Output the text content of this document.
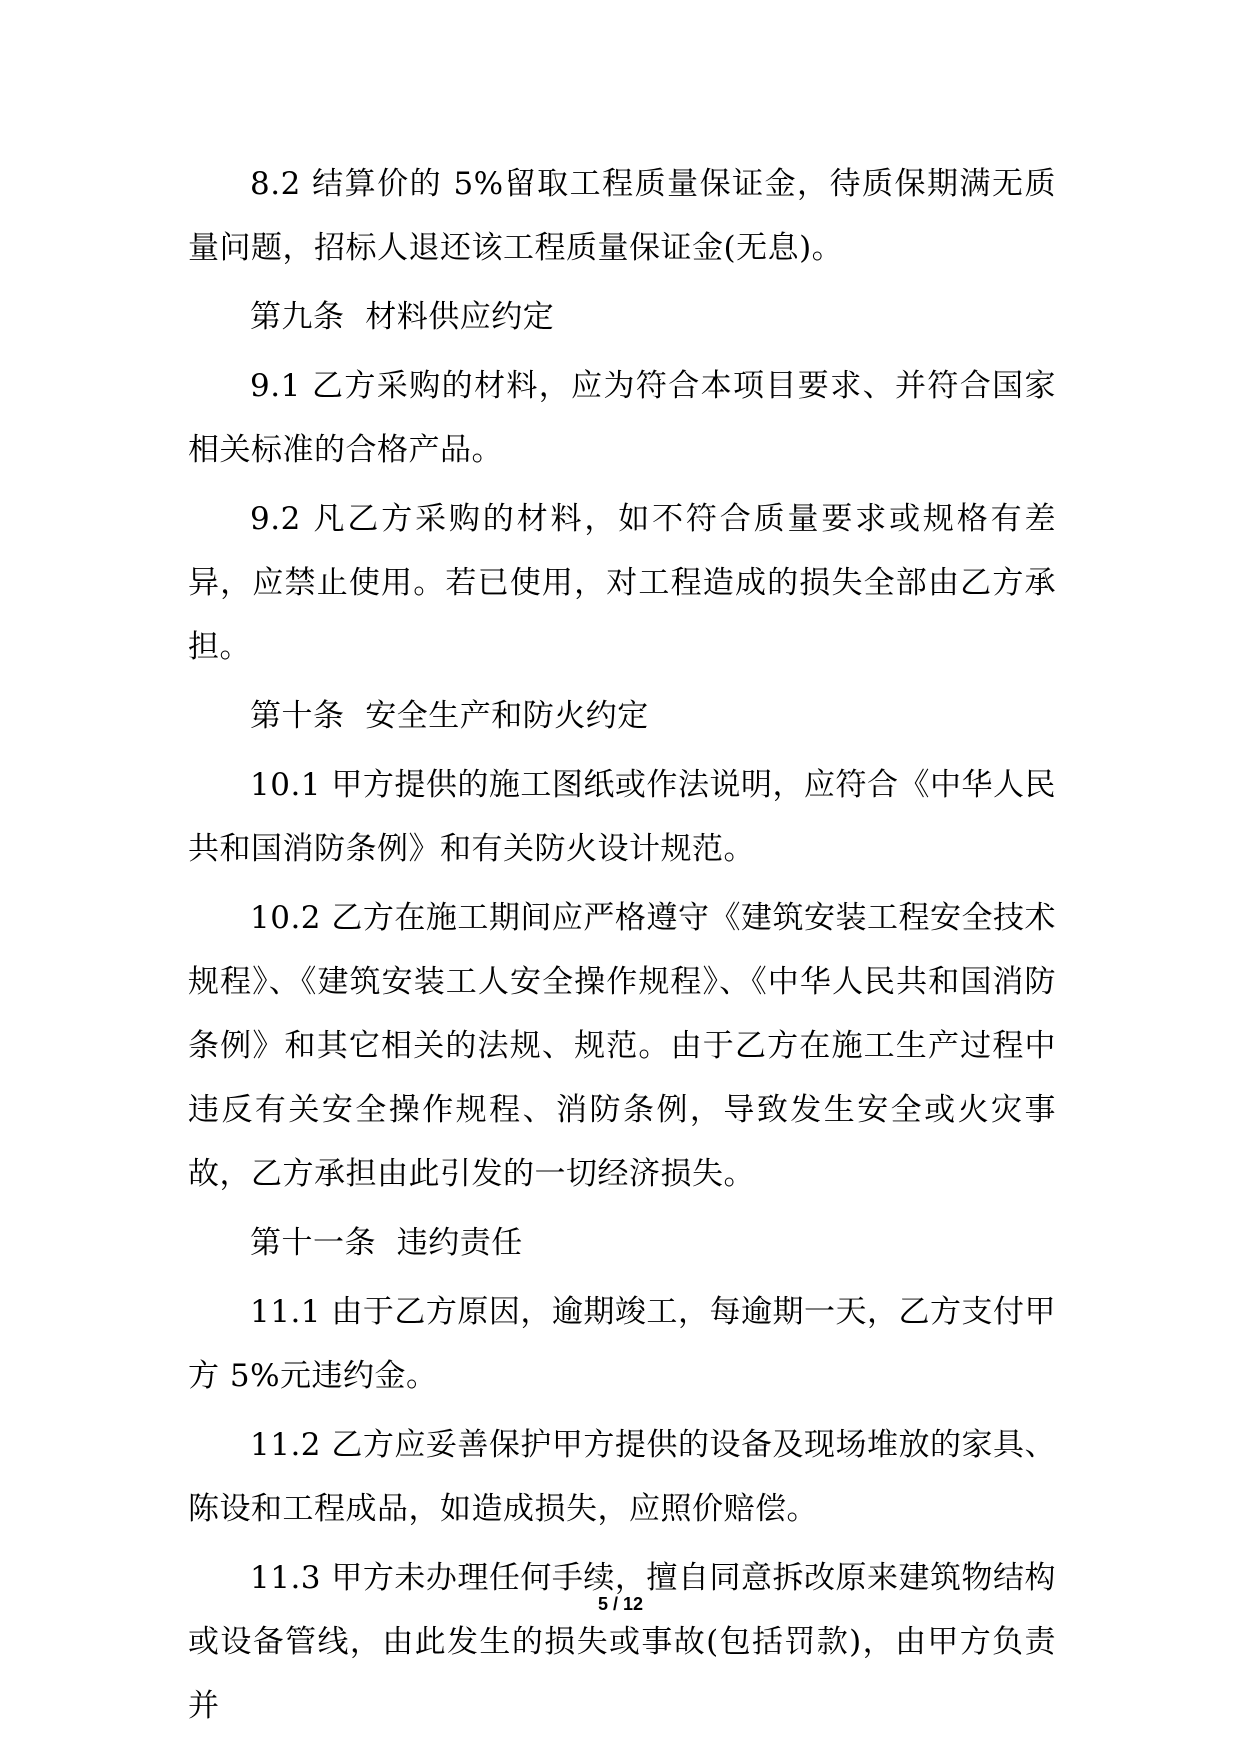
8.2 结算价的 5%留取工程质量保证金，待质保期满无质量问题，招标人退还该工程质量保证金(无息)。

第九条  材料供应约定

9.1 乙方采购的材料，应为符合本项目要求、并符合国家相关标准的合格产品。

9.2 凡乙方采购的材料，如不符合质量要求或规格有差异，应禁止使用。若已使用，对工程造成的损失全部由乙方承担。

第十条  安全生产和防火约定

10.1 甲方提供的施工图纸或作法说明，应符合《中华人民共和国消防条例》和有关防火设计规范。

10.2 乙方在施工期间应严格遵守《建筑安装工程安全技术规程》、《建筑安装工人安全操作规程》、《中华人民共和国消防条例》和其它相关的法规、规范。由于乙方在施工生产过程中违反有关安全操作规程、消防条例，导致发生安全或火灾事故，乙方承担由此引发的一切经济损失。

第十一条  违约责任

11.1 由于乙方原因，逾期竣工，每逾期一天，乙方支付甲方 5%元违约金。

11.2 乙方应妥善保护甲方提供的设备及现场堆放的家具、陈设和工程成品，如造成损失，应照价赔偿。

11.3 甲方未办理任何手续，擅自同意拆改原来建筑物结构或设备管线，由此发生的损失或事故(包括罚款)，由甲方负责并

5 / 12
